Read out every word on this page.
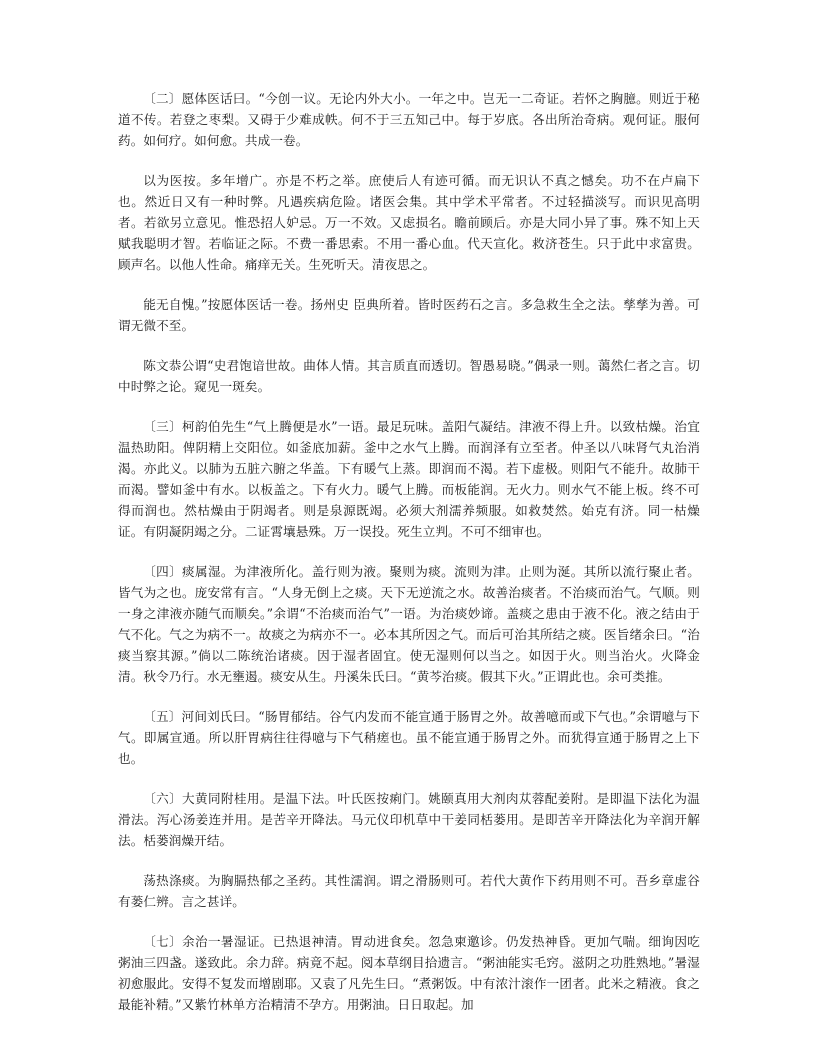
〔二〕愿体医话曰。“今创一议。无论内外大小。一年之中。岂无一二奇证。若怀之胸臆。则近于秘道不传。若登之枣梨。又碍于少难成帙。何不于三五知己中。每于岁底。各出所治奇病。观何证。服何药。如何疗。如何愈。共成一卷。

以为医按。多年增广。亦是不朽之举。庶使后人有迹可循。而无识认不真之憾矣。功不在卢扁下也。然近日又有一种时弊。凡遇疾病危险。诸医会集。其中学术平常者。不过轻描淡写。而识见高明者。若欲另立意见。惟恐招人妒忌。万一不效。又虑损名。瞻前顾后。亦是大同小异了事。殊不知上天赋我聪明才智。若临证之际。不费一番思索。不用一番心血。代天宣化。救济苍生。只于此中求富贵。顾声名。以他人性命。痛痒无关。生死听天。清夜思之。

能无自愧。”按愿体医话一卷。扬州史 臣典所着。皆时医药石之言。多急救生全之法。孳孳为善。可谓无微不至。

陈文恭公谓“史君饱谙世故。曲体人情。其言质直而透切。智愚易晓。”偶录一则。蔼然仁者之言。切中时弊之论。窥见一斑矣。

〔三〕柯韵伯先生“气上腾便是水”一语。最足玩味。盖阳气凝结。津液不得上升。以致枯燥。治宜温热助阳。俾阴精上交阳位。如釜底加薪。釜中之水气上腾。而润泽有立至者。仲圣以八味肾气丸治消渴。亦此义。以肺为五脏六腑之华盖。下有暖气上蒸。即润而不渴。若下虚极。则阳气不能升。故肺干而渴。譬如釜中有水。以板盖之。下有火力。暖气上腾。而板能润。无火力。则水气不能上板。终不可得而润也。然枯燥由于阴竭者。则是泉源既竭。必须大剂濡养频服。如救焚然。始克有济。同一枯燥证。有阴凝阴竭之分。二证霄壤悬殊。万一误投。死生立判。不可不细审也。

〔四〕痰属湿。为津液所化。盖行则为液。聚则为痰。流则为津。止则为涎。其所以流行聚止者。皆气为之也。庞安常有言。“人身无倒上之痰。天下无逆流之水。故善治痰者。不治痰而治气。气顺。则一身之津液亦随气而顺矣。”余谓“不治痰而治气”一语。为治痰妙谛。盖痰之患由于液不化。液之结由于气不化。气之为病不一。故痰之为病亦不一。必本其所因之气。而后可治其所结之痰。医旨绪余曰。“治痰当察其源。”倘以二陈统治诸痰。因于湿者固宜。使无湿则何以当之。如因于火。则当治火。火降金清。秋令乃行。水无壅遏。痰安从生。丹溪朱氏曰。“黄芩治痰。假其下火。”正谓此也。余可类推。

〔五〕河间刘氏曰。“肠胃郁结。谷气内发而不能宣通于肠胃之外。故善噫而或下气也。”余谓噫与下气。即属宣通。所以肝胃病往往得噫与下气稍瘥也。虽不能宣通于肠胃之外。而犹得宣通于肠胃之上下也。

〔六〕大黄同附桂用。是温下法。叶氏医按痢门。姚颐真用大剂肉苁蓉配姜附。是即温下法化为温滑法。泻心汤姜连并用。是苦辛开降法。马元仪印机草中干姜同栝蒌用。是即苦辛开降法化为辛润开解法。栝蒌润燥开结。

荡热涤痰。为胸膈热郁之圣药。其性濡润。谓之滑肠则可。若代大黄作下药用则不可。吾乡章虚谷有蒌仁辨。言之甚详。

〔七〕余治一暑湿证。已热退神清。胃动进食矣。忽急柬邀诊。仍发热神昏。更加气喘。细询因吃粥油三四盏。遂致此。余力辞。病竟不起。阅本草纲目拾遗言。“粥油能实毛窍。滋阴之功胜熟地。”暑湿初愈服此。安得不复发而增剧耶。又袁了凡先生曰。“煮粥饭。中有浓汁滚作一团者。此米之精液。食之最能补精。”又紫竹林单方治精清不孕方。用粥油。日日取起。加
